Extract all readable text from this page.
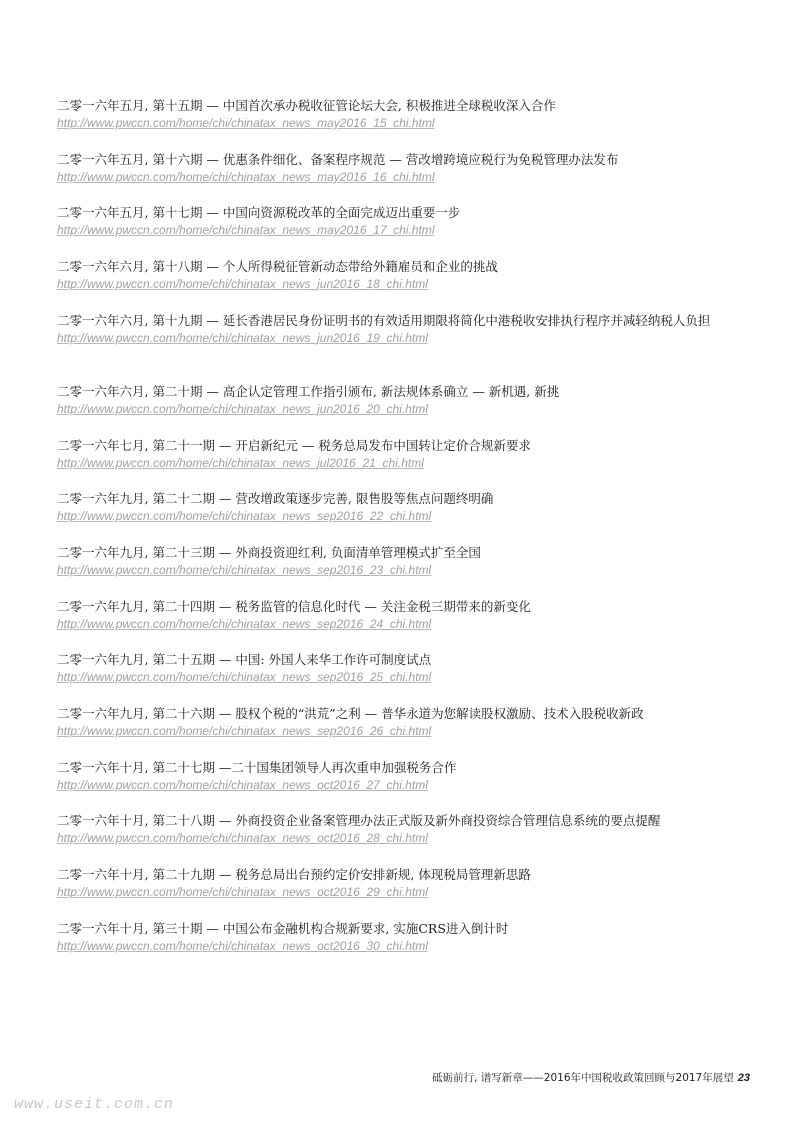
二零一六年五月, 第十五期 — 中国首次承办税收征管论坛大会, 积极推进全球税收深入合作

http://www.pwccn.com/home/chi/chinatax_news_may2016_15_chi.html

二零一六年五月, 第十六期 — 优惠条件细化、备案程序规范 — 营改增跨境应税行为免税管理办法发布

http://www.pwccn.com/home/chi/chinatax_news_may2016_16_chi.html

二零一六年五月, 第十七期 — 中国向资源税改革的全面完成迈出重要一步

http://www.pwccn.com/home/chi/chinatax_news_may2016_17_chi.html

二零一六年六月, 第十八期 — 个人所得税征管新动态带给外籍雇员和企业的挑战

http://www.pwccn.com/home/chi/chinatax_news_jun2016_18_chi.html

二零一六年六月, 第十九期 — 延长香港居民身份证明书的有效适用期限将简化中港税收安排执行程序并减轻纳税人负担

http://www.pwccn.com/home/chi/chinatax_news_jun2016_19_chi.html

二零一六年六月, 第二十期 — 高企认定管理工作指引颁布, 新法规体系确立 — 新机遇, 新挑

http://www.pwccn.com/home/chi/chinatax_news_jun2016_20_chi.html

二零一六年七月, 第二十一期 — 开启新纪元 — 税务总局发布中国转让定价合规新要求

http://www.pwccn.com/home/chi/chinatax_news_jul2016_21_chi.html

二零一六年九月, 第二十二期 — 营改增政策逐步完善, 限售股等焦点问题终明确

http://www.pwccn.com/home/chi/chinatax_news_sep2016_22_chi.html

二零一六年九月, 第二十三期 — 外商投资迎红利, 负面清单管理模式扩至全国

http://www.pwccn.com/home/chi/chinatax_news_sep2016_23_chi.html

二零一六年九月, 第二十四期 — 税务监管的信息化时代 — 关注金税三期带来的新变化

http://www.pwccn.com/home/chi/chinatax_news_sep2016_24_chi.html

二零一六年九月, 第二十五期 — 中国: 外国人来华工作许可制度试点

http://www.pwccn.com/home/chi/chinatax_news_sep2016_25_chi.html

二零一六年九月, 第二十六期 — 股权个税的“洪荒”之利 — 普华永道为您解读股权激励、技术入股税收新政

http://www.pwccn.com/home/chi/chinatax_news_sep2016_26_chi.html

二零一六年十月, 第二十七期 —二十国集团领导人再次重申加强税务合作

http://www.pwccn.com/home/chi/chinatax_news_oct2016_27_chi.html

二零一六年十月, 第二十八期 — 外商投资企业备案管理办法正式版及新外商投资综合管理信息系统的要点提醒

http://www.pwccn.com/home/chi/chinatax_news_oct2016_28_chi.html

二零一六年十月, 第二十九期 — 税务总局出台预约定价安排新规, 体现税局管理新思路

http://www.pwccn.com/home/chi/chinatax_news_oct2016_29_chi.html

二零一六年十月, 第三十期 — 中国公布金融机构合规新要求, 实施CRS进入倒计时

http://www.pwccn.com/home/chi/chinatax_news_oct2016_30_chi.html
砥砺前行, 谱写新章——2016年中国税收政策回顾与2017年展望 23
www.useit.com.cn
